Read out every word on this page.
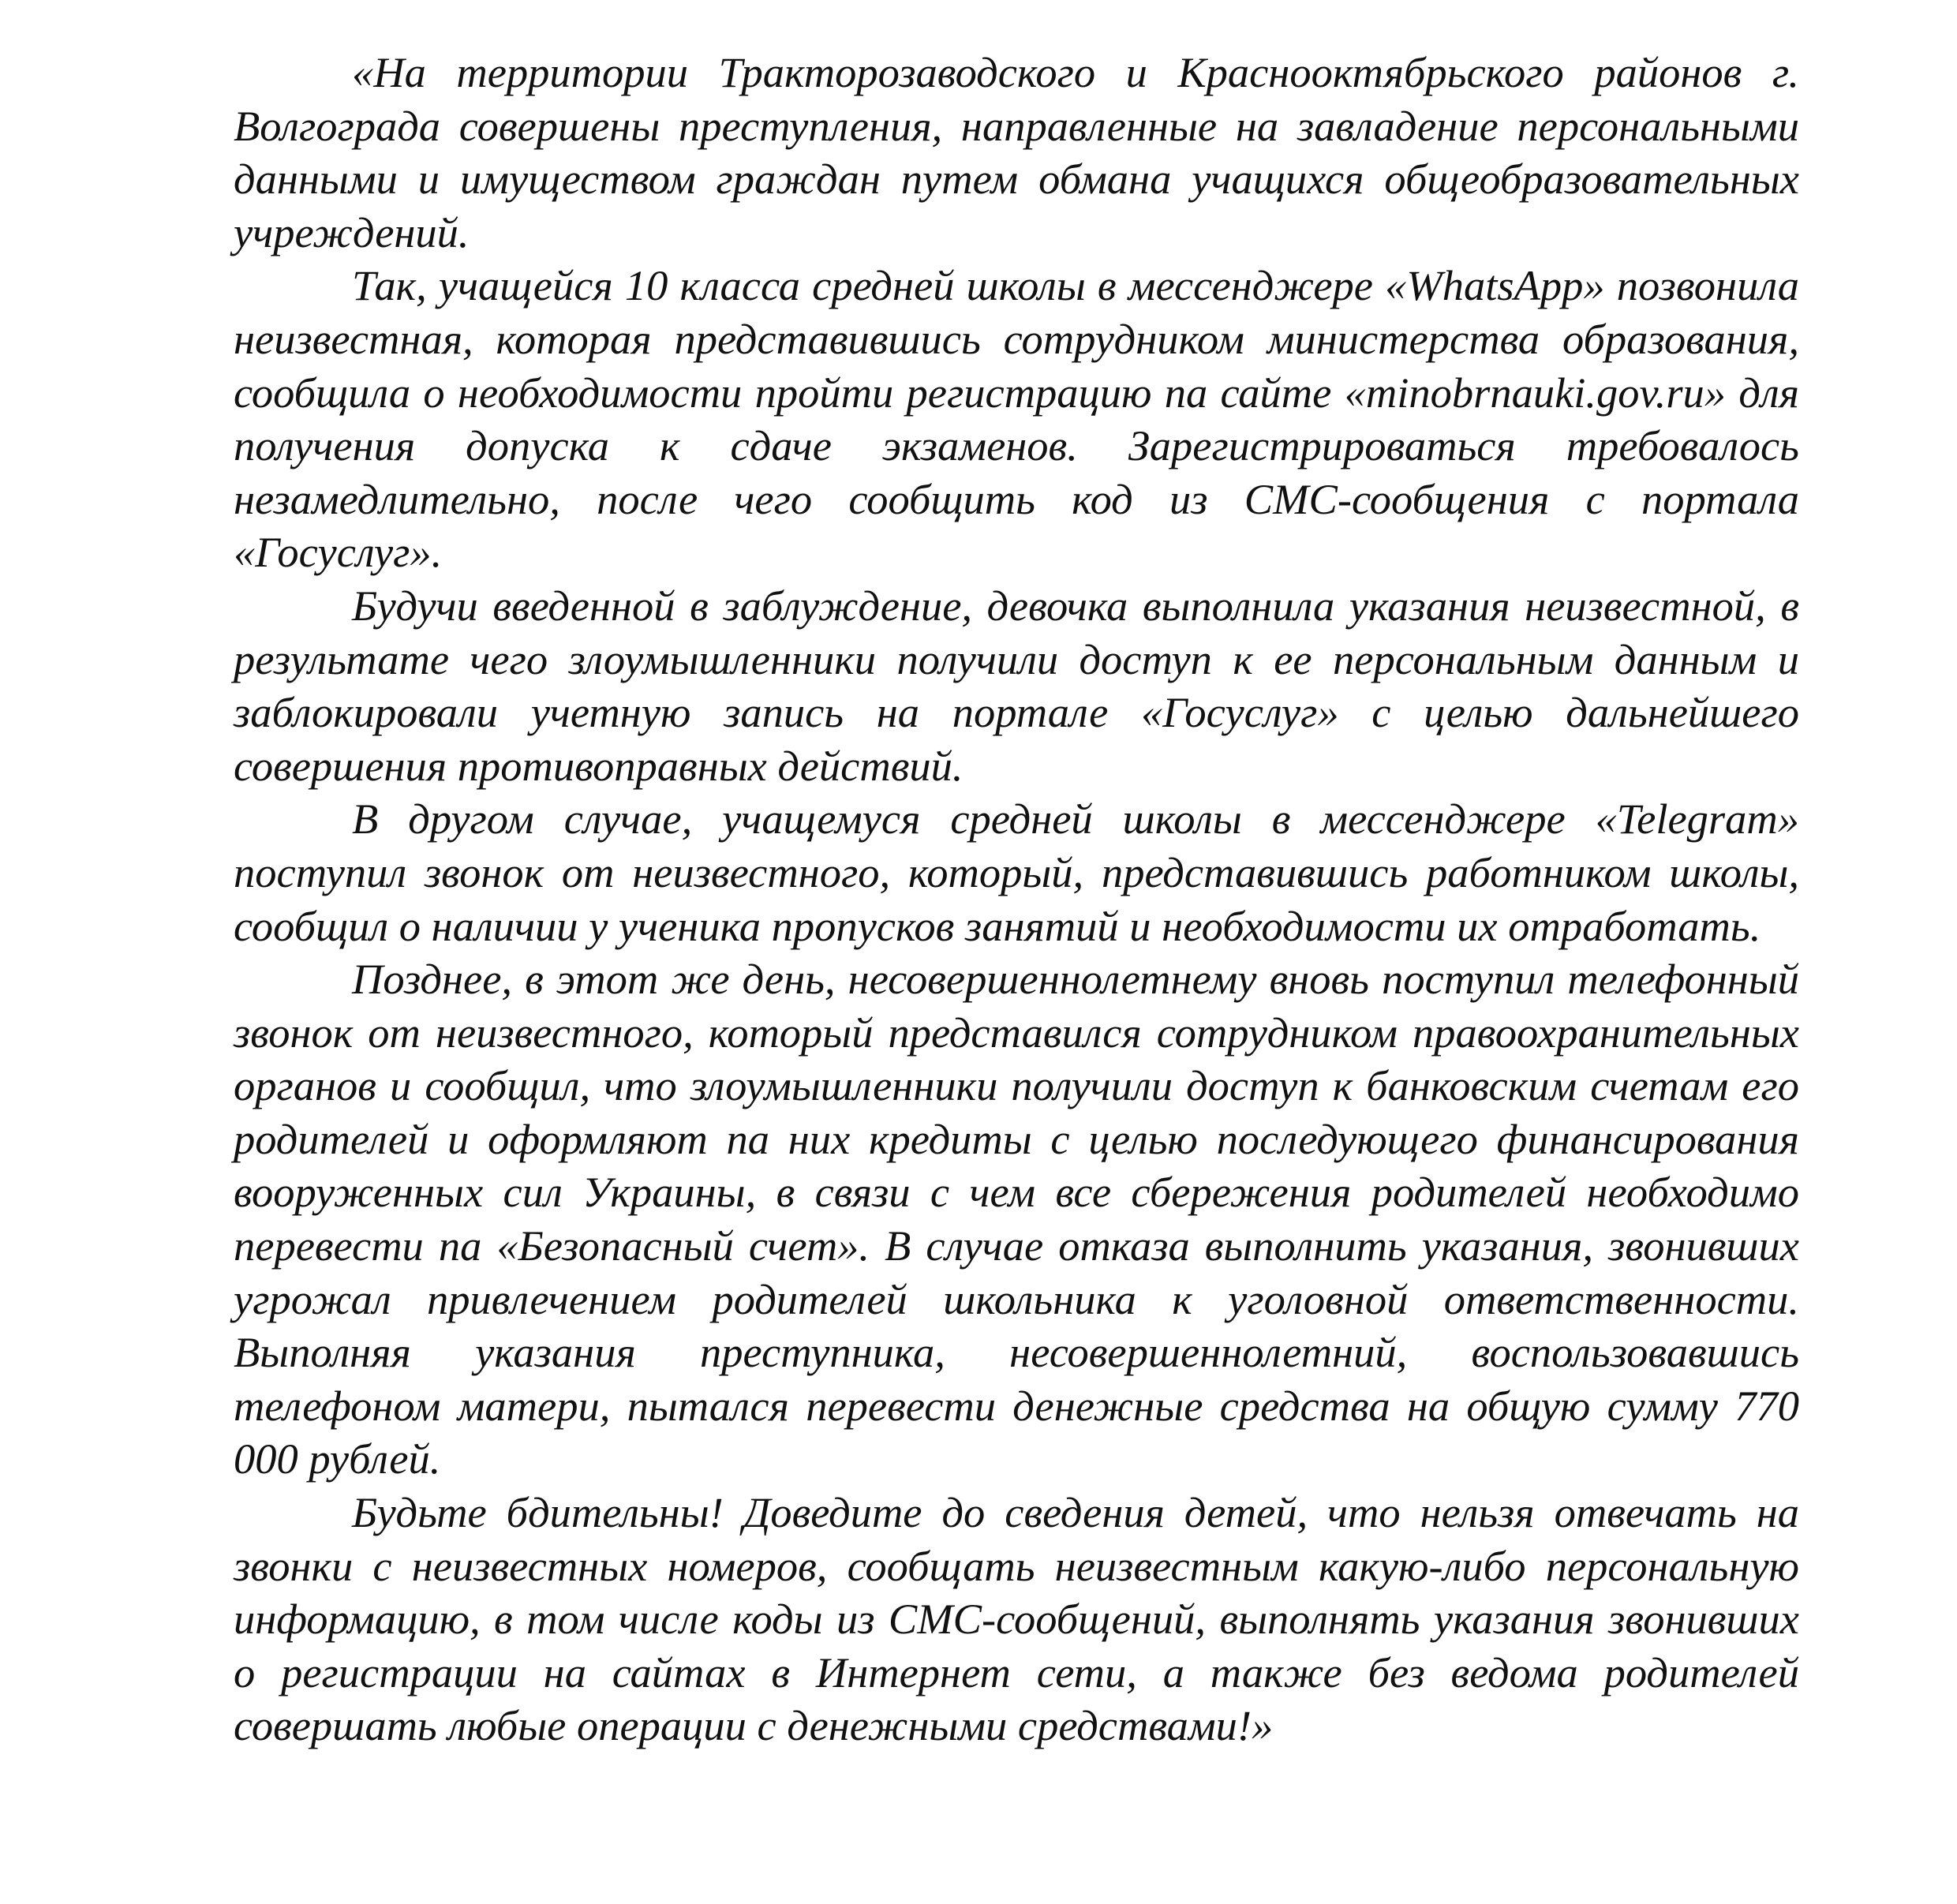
«На территории Тракторозаводского и Краснооктябрьского районов г. Волгограда совершены преступления, направленные на завладение персональными данными и имуществом граждан путем обмана учащихся общеобразовательных учреждений.

Так, учащейся 10 класса средней школы в мессенджере «WhatsApp» позвонила неизвестная, которая представившись сотрудником министерства образования, сообщила о необходимости пройти регистрацию па сайте «minobrnauki.gov.ru» для получения допуска к сдаче экзаменов. Зарегистрироваться требовалось незамедлительно, после чего сообщить код из СМС-сообщения с портала «Госуслуг».

Будучи введенной в заблуждение, девочка выполнила указания неизвестной, в результате чего злоумышленники получили доступ к ее персональным данным и заблокировали учетную запись на портале «Госуслуг» с целью дальнейшего совершения противоправных действий.

В другом случае, учащемуся средней школы в мессенджере «Telegram» поступил звонок от неизвестного, который, представившись работником школы, сообщил о наличии у ученика пропусков занятий и необходимости их отработать.

Позднее, в этот же день, несовершеннолетнему вновь поступил телефонный звонок от неизвестного, который представился сотрудником правоохранительных органов и сообщил, что злоумышленники получили доступ к банковским счетам его родителей и оформляют па них кредиты с целью последующего финансирования вооруженных сил Украины, в связи с чем все сбережения родителей необходимо перевести па «Безопасный счет». В случае отказа выполнить указания, звонивших угрожал привлечением родителей школьника к уголовной ответственности. Выполняя указания преступника, несовершеннолетний, воспользовавшись телефоном матери, пытался перевести денежные средства на общую сумму 770 000 рублей.

Будьте бдительны! Доведите до сведения детей, что нельзя отвечать на звонки с неизвестных номеров, сообщать неизвестным какую-либо персональную информацию, в том числе коды из СМС-сообщений, выполнять указания звонивших о регистрации на сайтах в Интернет сети, а также без ведома родителей совершать любые операции с денежными средствами!»
